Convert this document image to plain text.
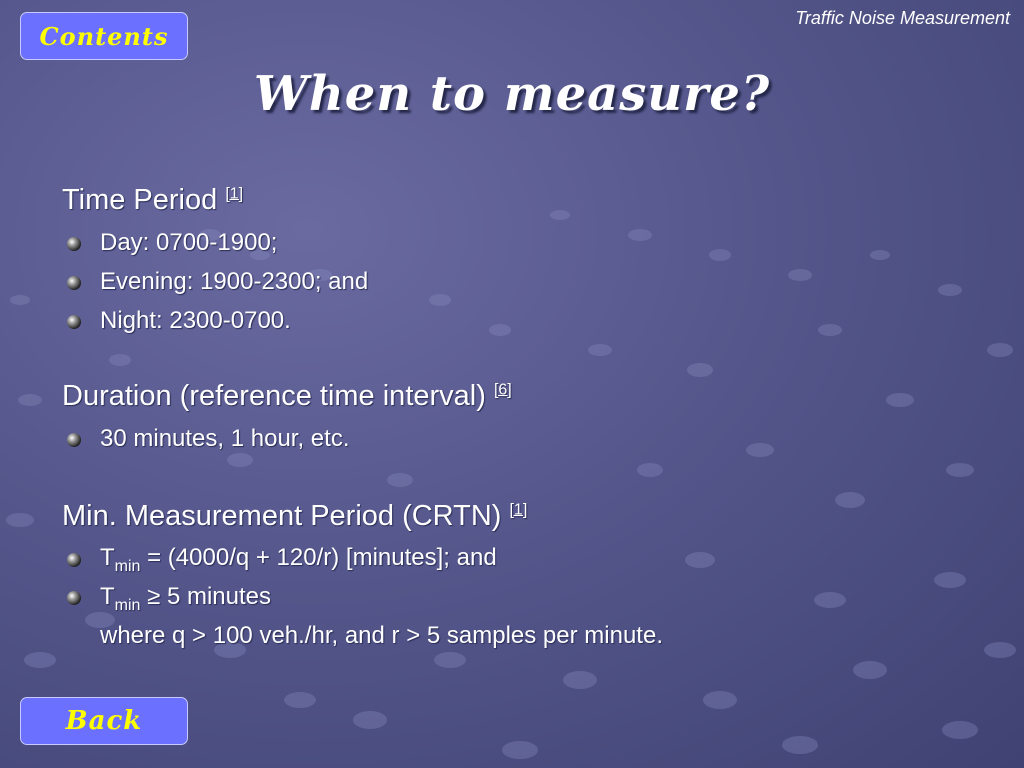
Contents
Traffic Noise Measurement
When to measure?
Time Period [1]
Day: 0700-1900;
Evening: 1900-2300; and
Night: 2300-0700.
Duration (reference time interval) [6]
30 minutes, 1 hour, etc.
Min. Measurement Period (CRTN) [1]
$T_{min} = (4000/q + 120/r)$ [minutes]; and
$T_{min} \ge 5$ minutes
where q > 100 veh./hr, and r > 5 samples per minute.
Back
